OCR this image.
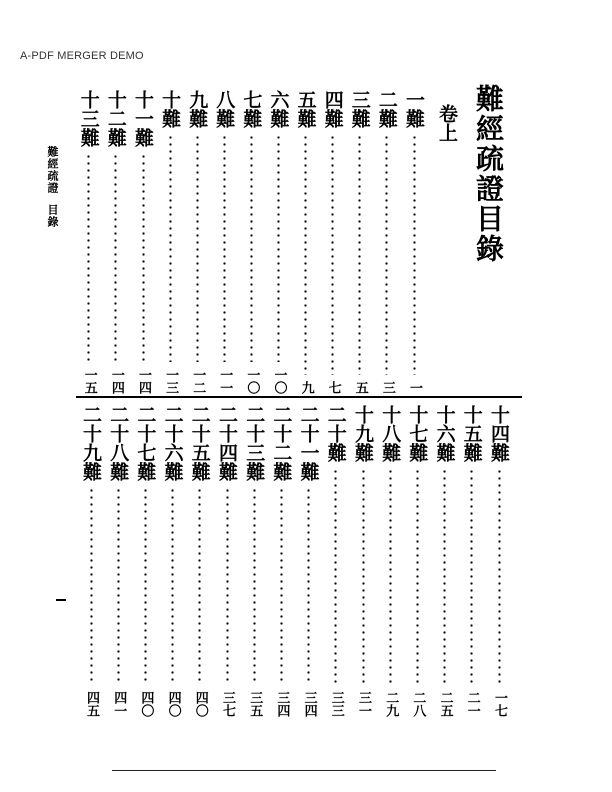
A-PDF MERGER DEMO
難經疏證目錄
卷上
難經疏證目錄
一難
一
二難
三
三難
五
四難
七
五難
九
六難
一〇
七難
一〇
八難
一一
九難
一二
十難
一三
十一難
一四
十二難
一四
十三難
一五
十四難
一七
十五難
二一
十六難
二五
十七難
二八
十八難
二九
十九難
三一
二十難
三三
二十一難
三四
二十二難
三四
二十三難
三五
二十四難
三七
二十五難
四〇
二十六難
四〇
二十七難
四〇
二十八難
四一
二十九難
四五
